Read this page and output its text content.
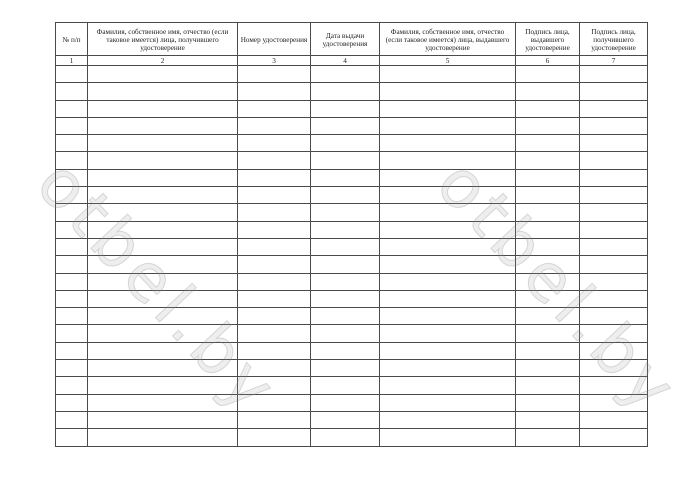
№ п/п	Фамилия, собственное имя, отчество (если таковое имеется) лица, получившего удостоверение	Номер удостоверения	Дата выдачи удостоверения	Фамилия, собственное имя, отчество (если таковое имеется) лица, выдавшего удостоверение	Подпись лица, выдавшего удостоверение	Подпись лица, получившего удостоверение
1	2	3	4	5	6	7

otbel.by otbel.by
